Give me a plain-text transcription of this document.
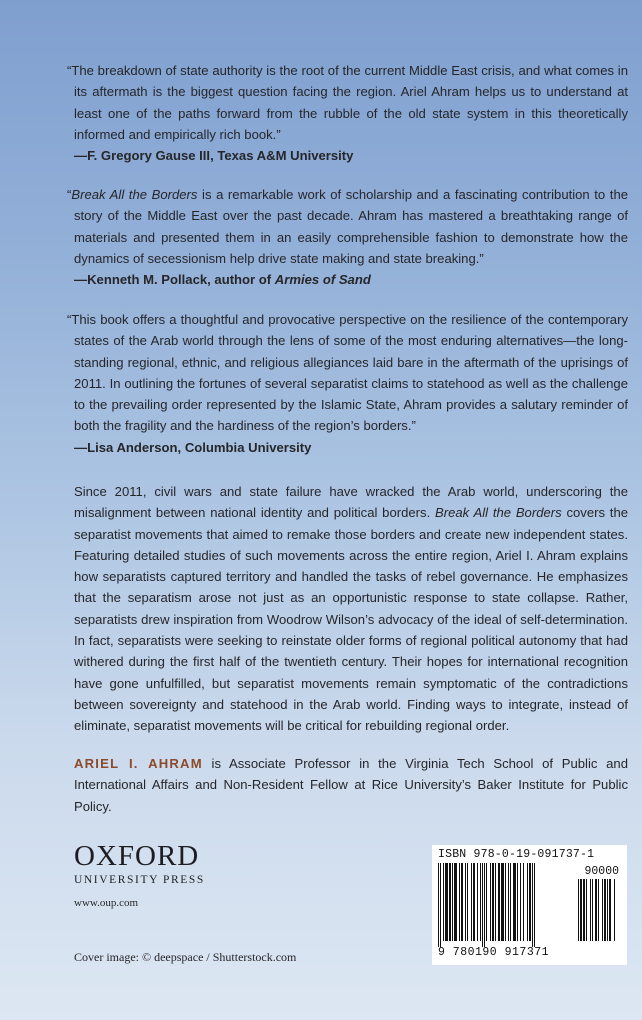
“The breakdown of state authority is the root of the current Middle East crisis, and what comes in its aftermath is the biggest question facing the region. Ariel Ahram helps us to understand at least one of the paths forward from the rubble of the old state system in this theoretically informed and empirically rich book.”

—F. Gregory Gause III, Texas A&M University

“Break All the Borders is a remarkable work of scholarship and a fascinating contribution to the story of the Middle East over the past decade. Ahram has mastered a breathtaking range of materials and presented them in an easily comprehensible fashion to demonstrate how the dynamics of secessionism help drive state making and state breaking.”

—Kenneth M. Pollack, author of Armies of Sand

“This book offers a thoughtful and provocative perspective on the resilience of the contemporary states of the Arab world through the lens of some of the most enduring alternatives—the long-standing regional, ethnic, and religious allegiances laid bare in the aftermath of the uprisings of 2011. In outlining the fortunes of several separatist claims to statehood as well as the challenge to the prevailing order represented by the Islamic State, Ahram provides a salutary reminder of both the fragility and the hardiness of the region’s borders.”

—Lisa Anderson, Columbia University

Since 2011, civil wars and state failure have wracked the Arab world, underscoring the misalignment between national identity and political borders. Break All the Borders covers the separatist movements that aimed to remake those borders and create new independent states. Featuring detailed studies of such movements across the entire region, Ariel I. Ahram explains how separatists captured territory and handled the tasks of rebel governance. He emphasizes that the separatism arose not just as an opportunistic response to state collapse. Rather, separatists drew inspiration from Woodrow Wilson’s advocacy of the ideal of self-determination. In fact, separatists were seeking to reinstate older forms of regional political autonomy that had withered during the first half of the twentieth century. Their hopes for international recognition have gone unfulfilled, but separatist movements remain symptomatic of the contradictions between sovereignty and statehood in the Arab world. Finding ways to integrate, instead of eliminate, separatist movements will be critical for rebuilding regional order.

ARIEL I. AHRAM is Associate Professor in the Virginia Tech School of Public and International Affairs and Non-Resident Fellow at Rice University’s Baker Institute for Public Policy.

OXFORD
UNIVERSITY PRESS
www.oup.com
Cover image: © deepspace / Shutterstock.com
ISBN 978-0-19-091737-1
90000
9 780190 917371
